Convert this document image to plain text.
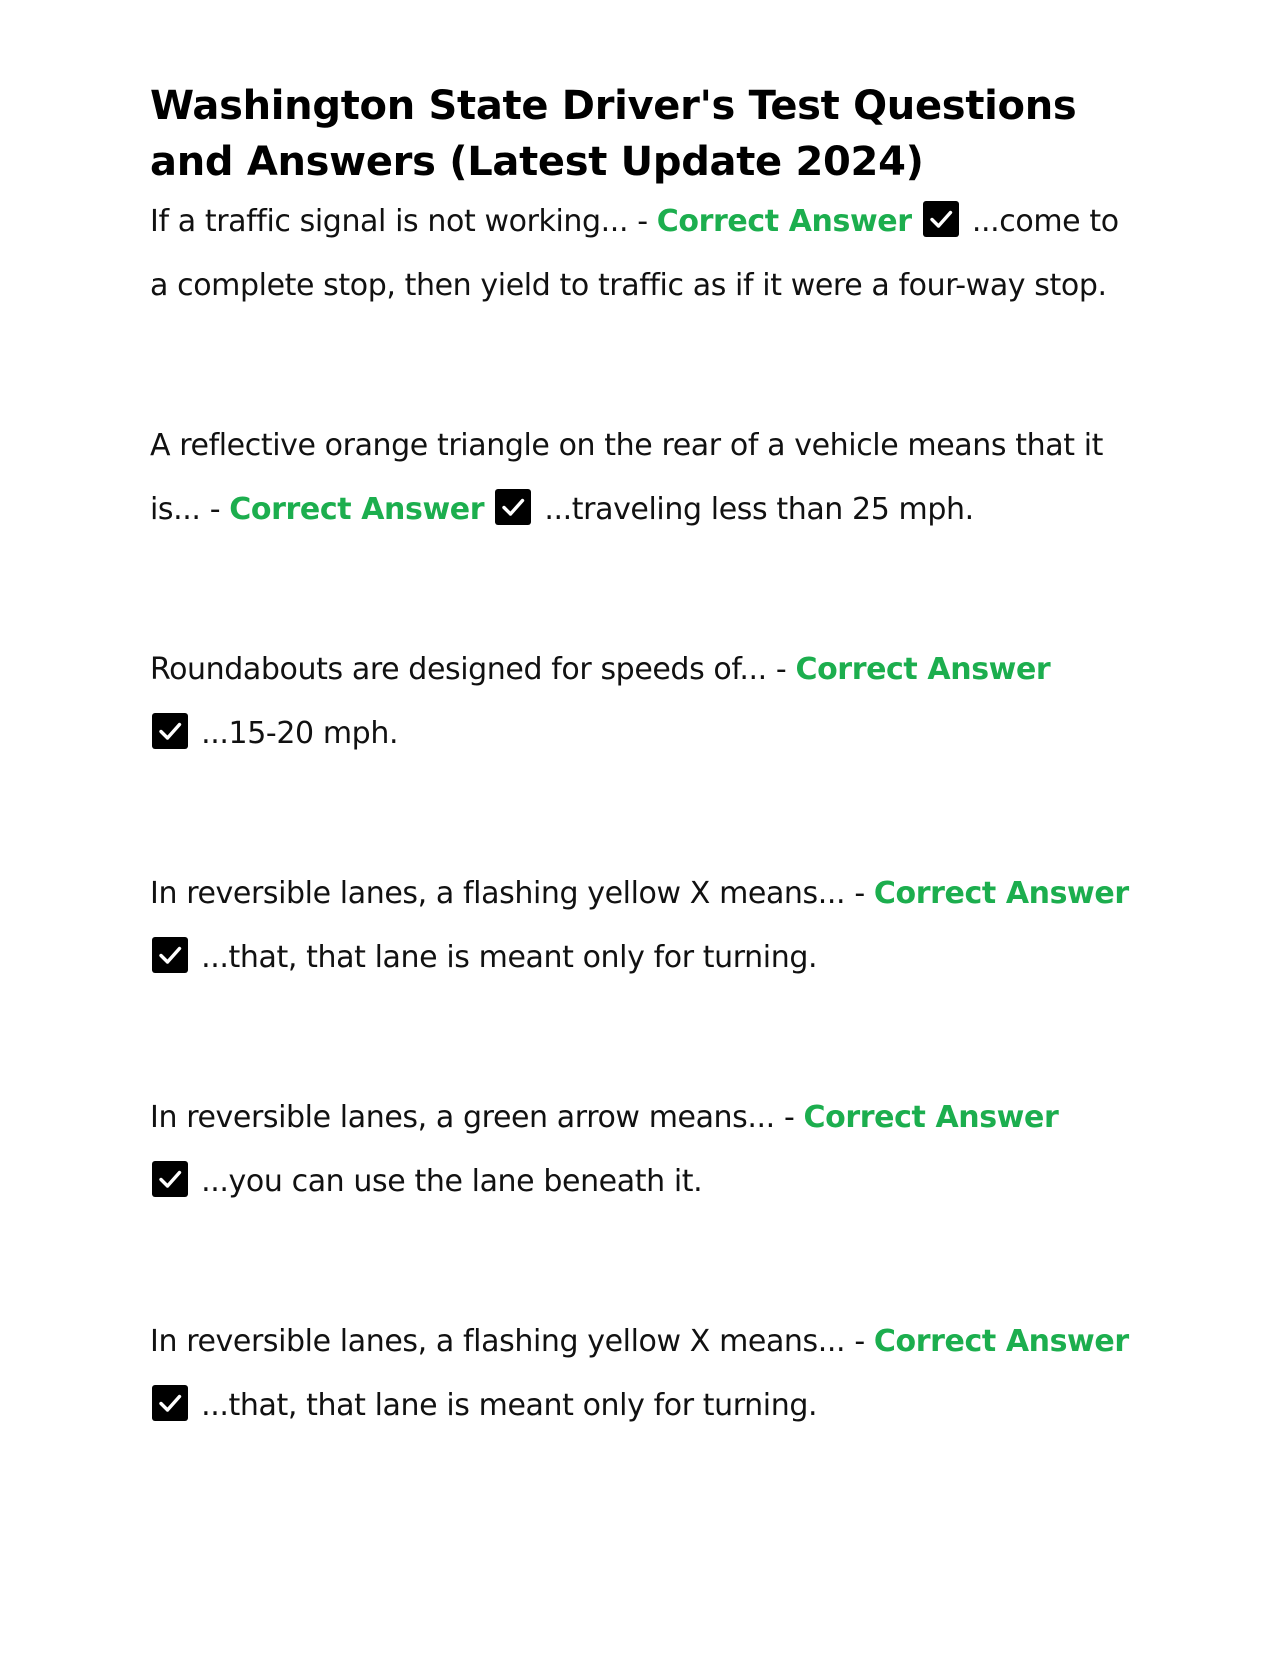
Washington State Driver's Test Questions and Answers (Latest Update 2024)

If a traffic signal is not working... - Correct Answer ...come to a complete stop, then yield to traffic as if it were a four-way stop.

A reflective orange triangle on the rear of a vehicle means that it is... - Correct Answer ...traveling less than 25 mph.

Roundabouts are designed for speeds of... - Correct Answer

...15-20 mph.

In reversible lanes, a flashing yellow X means... - Correct Answer

...that, that lane is meant only for turning.

In reversible lanes, a green arrow means... - Correct Answer

...you can use the lane beneath it.

In reversible lanes, a flashing yellow X means... - Correct Answer

...that, that lane is meant only for turning.
